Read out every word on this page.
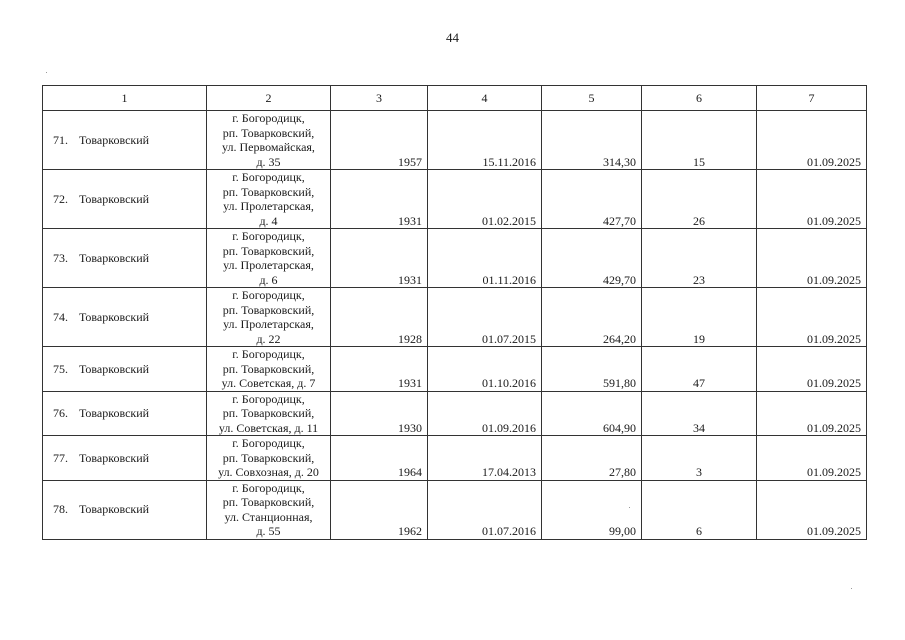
44
1	2	3	4	5	6	7
71. Товарковский	г. Богородицк,
рп. Товарковский,
ул. Первомайская,
д. 35	1957	15.11.2016	314,30	15	01.09.2025
72. Товарковский	г. Богородицк,
рп. Товарковский,
ул. Пролетарская,
д. 4	1931	01.02.2015	427,70	26	01.09.2025
73. Товарковский	г. Богородицк,
рп. Товарковский,
ул. Пролетарская,
д. 6	1931	01.11.2016	429,70	23	01.09.2025
74. Товарковский	г. Богородицк,
рп. Товарковский,
ул. Пролетарская,
д. 22	1928	01.07.2015	264,20	19	01.09.2025
75. Товарковский	г. Богородицк,
рп. Товарковский,
ул. Советская, д. 7	1931	01.10.2016	591,80	47	01.09.2025
76. Товарковский	г. Богородицк,
рп. Товарковский,
ул. Советская, д. 11	1930	01.09.2016	604,90	34	01.09.2025
77. Товарковский	г. Богородицк,
рп. Товарковский,
ул. Совхозная, д. 20	1964	17.04.2013	27,80	3	01.09.2025
78. Товарковский	г. Богородицк,
рп. Товарковский,
ул. Станционная,
д. 55	1962	01.07.2016	99,00	6	01.09.2025
